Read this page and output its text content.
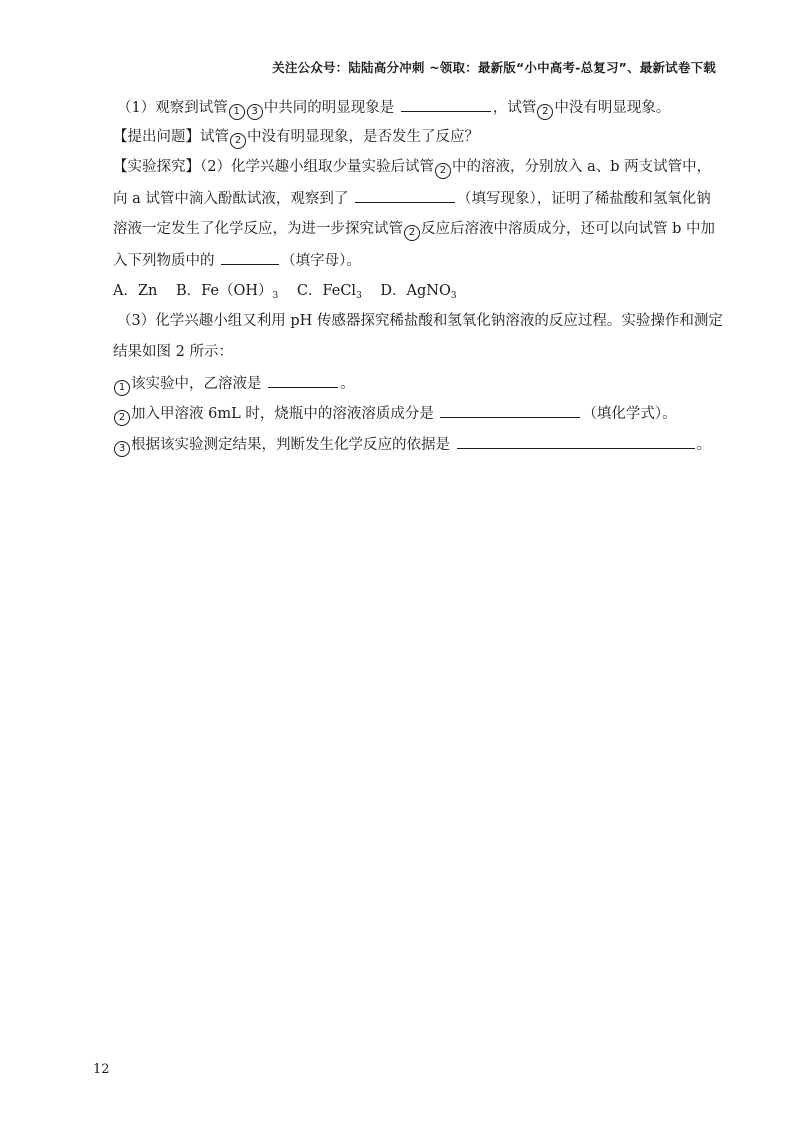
关注公众号：陆陆高分冲刺 ~领取：最新版“小中高考-总复习”、最新试卷下载
（1）观察到试管 1 3 中共同的明显现象是	，试管 2 中没有明显现象。
【提出问题】试管 2 中没有明显现象，是否发生了反应？
【实验探究】（2）化学兴趣小组取少量实验后试管 2 中的溶液，分别放入 a、b 两支试管中，
向 a 试管中滴入酚酞试液，观察到了	（填写现象），证明了稀盐酸和氢氧化钠
溶液一定发生了化学反应，为进一步探究试管 2 反应后溶液中溶质成分，还可以向试管 b 中加
入下列物质中的	（填字母）。
A．Zn B．$Fe(OH)_3$ C．FeCl$_3$ D．AgNO$_3$
（3）化学兴趣小组又利用 pH 传感器探究稀盐酸和氢氧化钠溶液的反应过程。实验操作和测定
结果如图 2 所示：
1 该实验中，乙溶液是	。
2 加入甲溶液 6mL 时，烧瓶中的溶液溶质成分是	（填化学式）。
3 根据该实验测定结果，判断发生化学反应的依据是	。
12
